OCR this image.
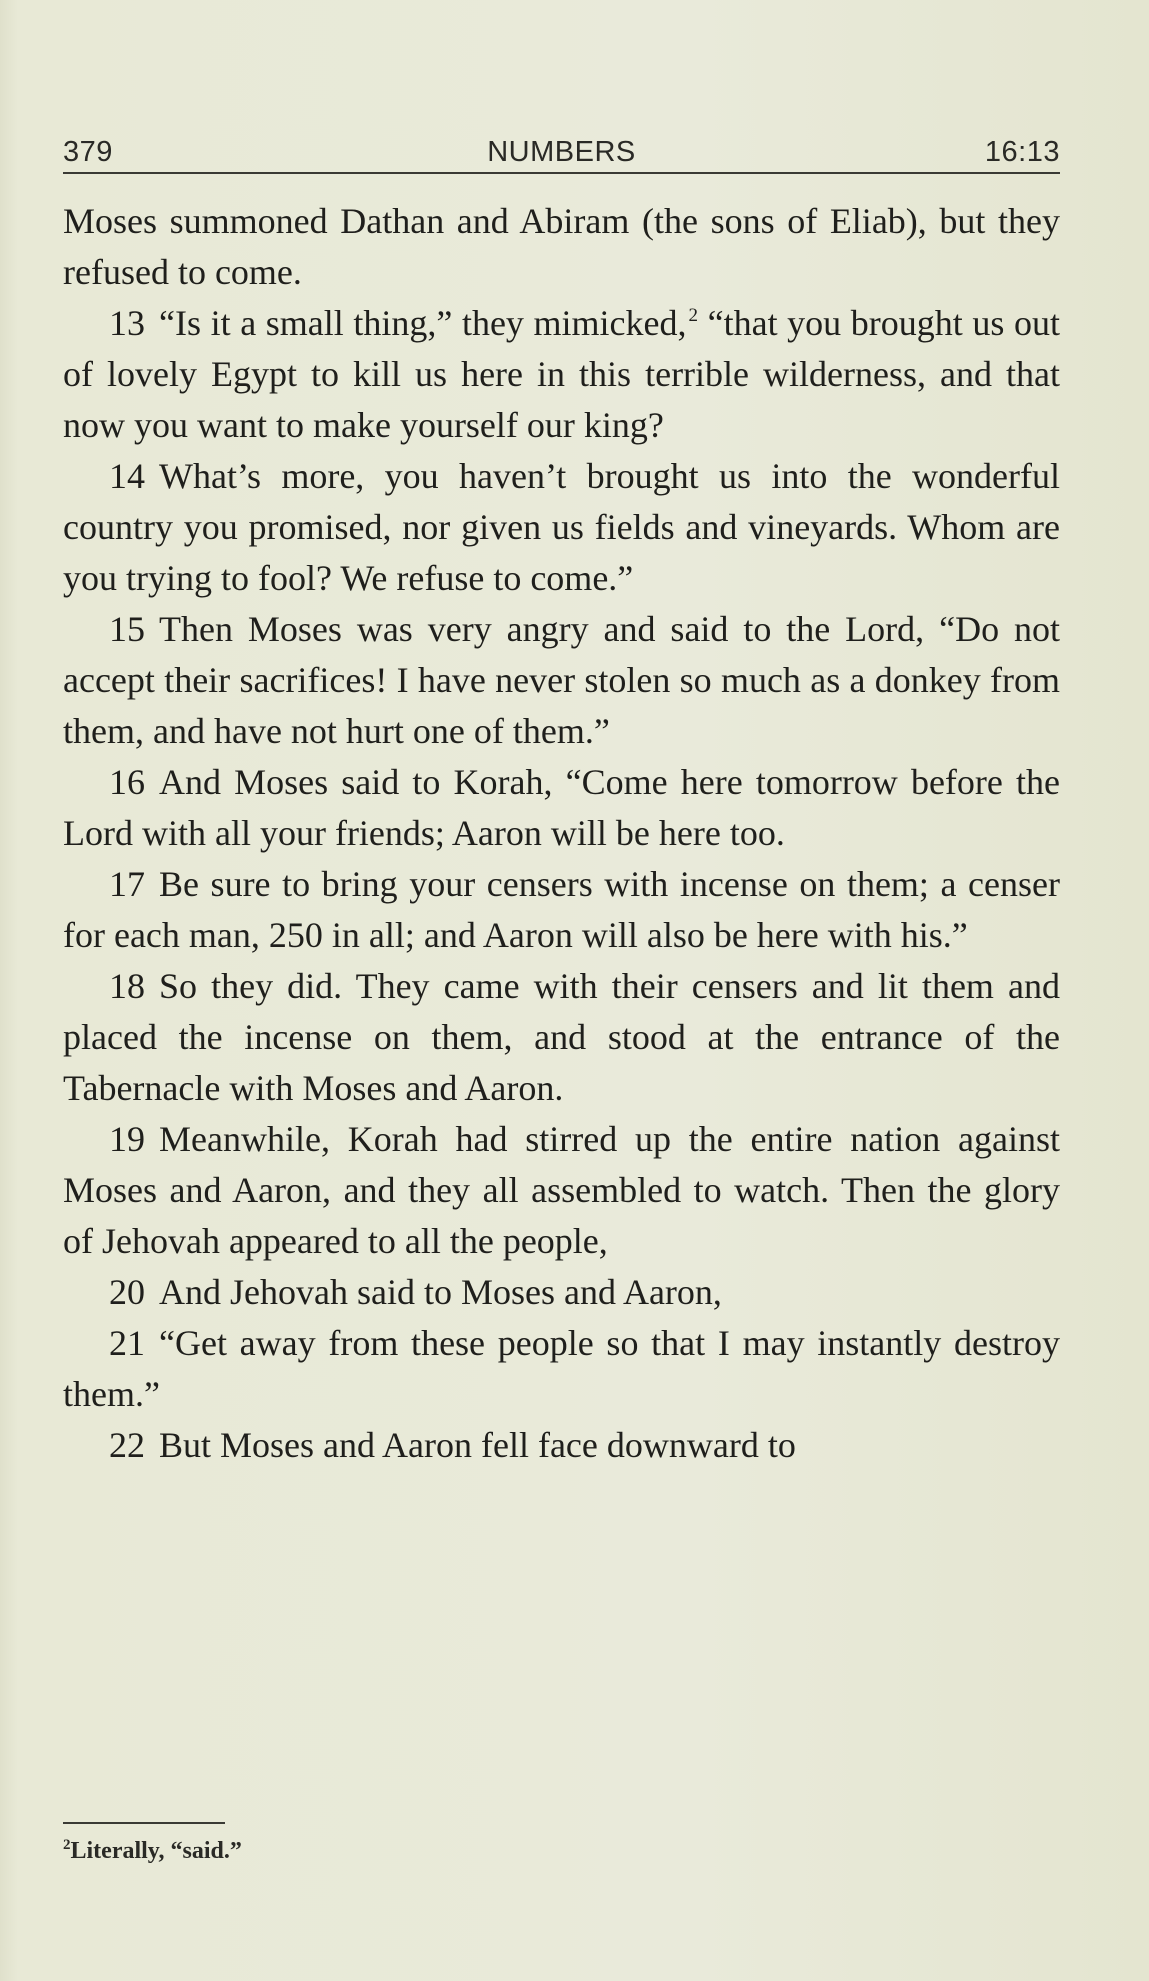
379	NUMBERS	16:13

Moses summoned Dathan and Abiram (the sons of Eliab), but they refused to come.

13 “Is it a small thing,” they mimicked, $^2$ “that you brought us out of lovely Egypt to kill us here in this terrible wilderness, and that now you want to make yourself our king?

14 What’s more, you haven’t brought us into the wonderful country you promised, nor given us fields and vineyards. Whom are you trying to fool? We refuse to come.”

15 Then Moses was very angry and said to the Lord, “Do not accept their sacrifices! I have never stolen so much as a donkey from them, and have not hurt one of them.”

16 And Moses said to Korah, “Come here tomorrow before the Lord with all your friends; Aaron will be here too.

17 Be sure to bring your censers with incense on them; a censer for each man, 250 in all; and Aaron will also be here with his.”

18 So they did. They came with their censers and lit them and placed the incense on them, and stood at the entrance of the Tabernacle with Moses and Aaron.

19 Meanwhile, Korah had stirred up the entire nation against Moses and Aaron, and they all assembled to watch. Then the glory of Jehovah appeared to all the people,

20 And Jehovah said to Moses and Aaron,

21 “Get away from these people so that I may instantly destroy them.”

22 But Moses and Aaron fell face downward to

$^2$Literally, “said.”
